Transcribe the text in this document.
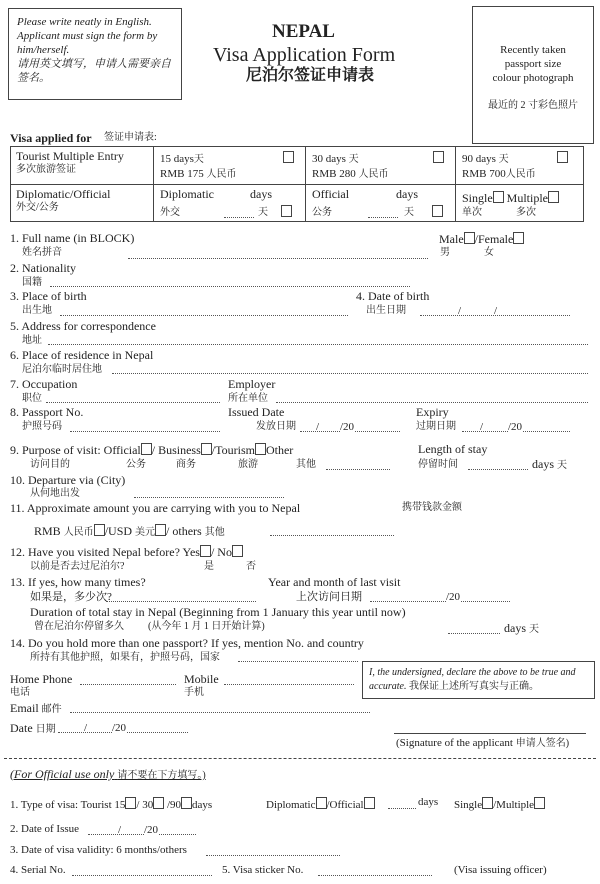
Please write neatly in English. Applicant must sign the form by him/herself.
请用英文填写，申请人需要亲自签名。
NEPAL
Visa Application Form
尼泊尔签证申请表
Recently taken
passport size
colour photograph
最近的 2 寸彩色照片
Visa applied for 签证申请表:
Tourist Multiple Entry
多次旅游签证
15 days天
RMB 175 人民币
30 days 天
RMB 280 人民币
90 days 天
RMB 700人民币
Diplomatic/Official
外交/公务
Diplomatic	days
外交	天
Official	days
公务	天
Single Multiple
单次	多次
1. Full name (in BLOCK)
姓名拼音
Male /Female
男	女
2. Nationality
国籍
3. Place of birth
出生地
4. Date of birth
出生日期	/	/
5. Address for correspondence
地址
6. Place of residence in Nepal
尼泊尔临时居住地
7. Occupation
职位
Employer
所在单位
8. Passport No.
护照号码
Issued Date
发放日期 / /20
Expiry
过期日期 / /20
9. Purpose of visit: Official / Business /Tourism Other
访问目的	公务	商务	旅游	其他
Length of stay
停留时间	days 天
10. Departure via (City)
从何地出发
11. Approximate amount you are carrying with you to Nepal	携带钱款金额
RMB 人民币 /USD 美元 / others 其他
12. Have you visited Nepal before? Yes / No
以前是否去过尼泊尔?	是	否
13. If yes, how many times?
如果是，多少次?
Year and month of last visit
上次访问日期	/20
Duration of total stay in Nepal (Beginning from 1 January this year until now)
曾在尼泊尔停留多久 (从今年 1 月 1 日开始计算)	days 天
14. Do you hold more than one passport? If yes, mention No. and country
所持有其他护照，如果有，护照号码，国家
Home Phone
电话
Mobile
手机
I, the undersigned, declare the above to be true and accurate. 我保证上述所写真实与正确。
Email 邮件
Date 日期	/ /20
(Signature of the applicant 申请人签名)
(For Official use only 请不要在下方填写。)
1. Type of visa: Tourist 15 / 30 /90 days	Diplomatic /Official	days Single /Multiple
2. Date of Issue	/ /20
3. Date of visa validity: 6 months/others
4. Serial No.	5. Visa sticker No.	(Visa issuing officer)
